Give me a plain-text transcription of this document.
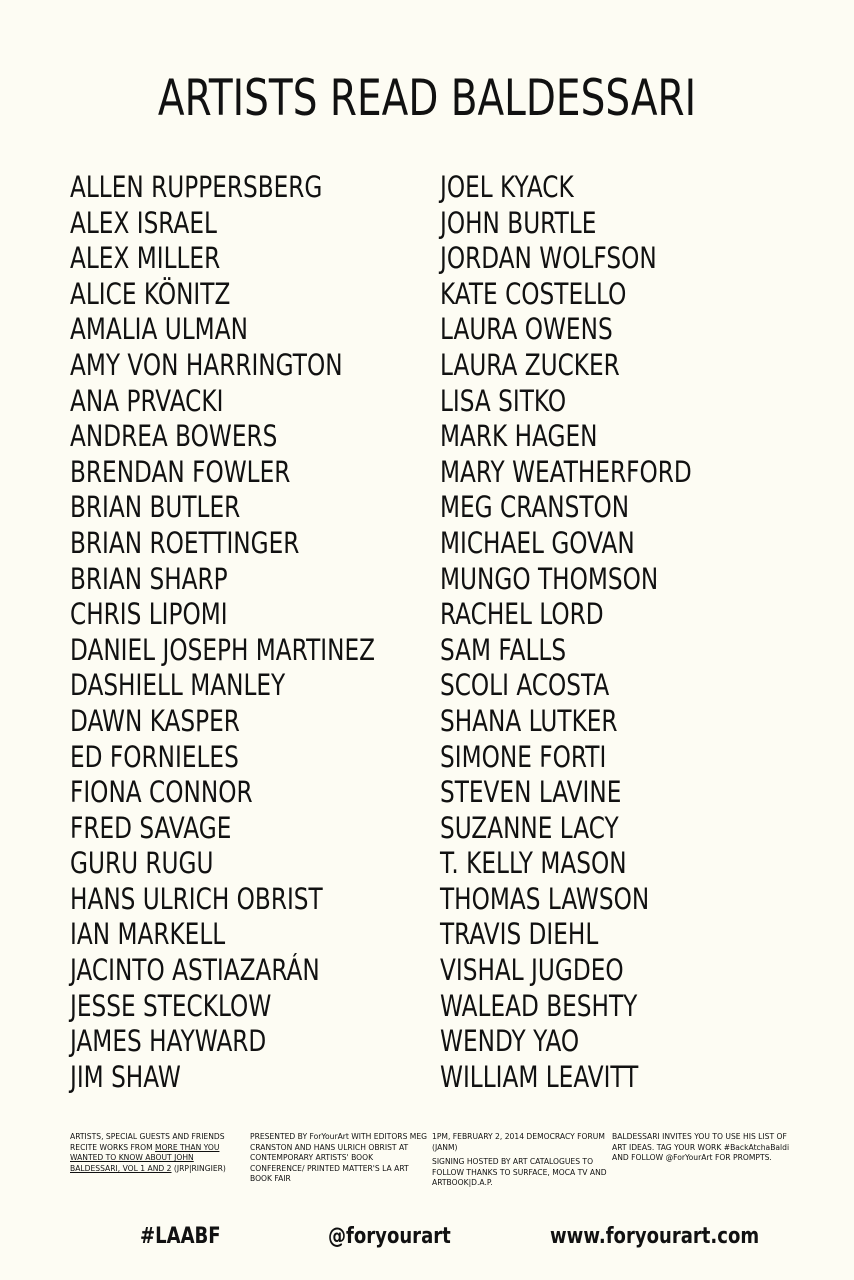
ARTISTS READ BALDESSARI
ALLEN RUPPERSBERG
ALEX ISRAEL
ALEX MILLER
ALICE KÖNITZ
AMALIA ULMAN
AMY VON HARRINGTON
ANA PRVACKI
ANDREA BOWERS
BRENDAN FOWLER
BRIAN BUTLER
BRIAN ROETTINGER
BRIAN SHARP
CHRIS LIPOMI
DANIEL JOSEPH MARTINEZ
DASHIELL MANLEY
DAWN KASPER
ED FORNIELES
FIONA CONNOR
FRED SAVAGE
GURU RUGU
HANS ULRICH OBRIST
IAN MARKELL
JACINTO ASTIAZARÁN
JESSE STECKLOW
JAMES HAYWARD
JIM SHAW
JOEL KYACK
JOHN BURTLE
JORDAN WOLFSON
KATE COSTELLO
LAURA OWENS
LAURA ZUCKER
LISA SITKO
MARK HAGEN
MARY WEATHERFORD
MEG CRANSTON
MICHAEL GOVAN
MUNGO THOMSON
RACHEL LORD
SAM FALLS
SCOLI ACOSTA
SHANA LUTKER
SIMONE FORTI
STEVEN LAVINE
SUZANNE LACY
T. KELLY MASON
THOMAS LAWSON
TRAVIS DIEHL
VISHAL JUGDEO
WALEAD BESHTY
WENDY YAO
WILLIAM LEAVITT

ARTISTS, SPECIAL GUESTS AND FRIENDS RECITE WORKS FROM MORE THAN YOU WANTED TO KNOW ABOUT JOHN BALDESSARI, VOL 1 AND 2 (JRP|RINGIER)

PRESENTED BY ForYourArt WITH EDITORS MEG CRANSTON AND HANS ULRICH OBRIST AT CONTEMPORARY ARTISTS' BOOK CONFERENCE/ PRINTED MATTER'S LA ART BOOK FAIR

1PM, FEBRUARY 2, 2014 DEMOCRACY FORUM (JANM)

SIGNING HOSTED BY ART CATALOGUES TO FOLLOW THANKS TO SURFACE, MOCA TV AND ARTBOOK|D.A.P.

BALDESSARI INVITES YOU TO USE HIS LIST OF ART IDEAS. TAG YOUR WORK #BackAtchaBaldi AND FOLLOW @ForYourArt FOR PROMPTS.

#LAABF	@foryourart	www.foryourart.com
